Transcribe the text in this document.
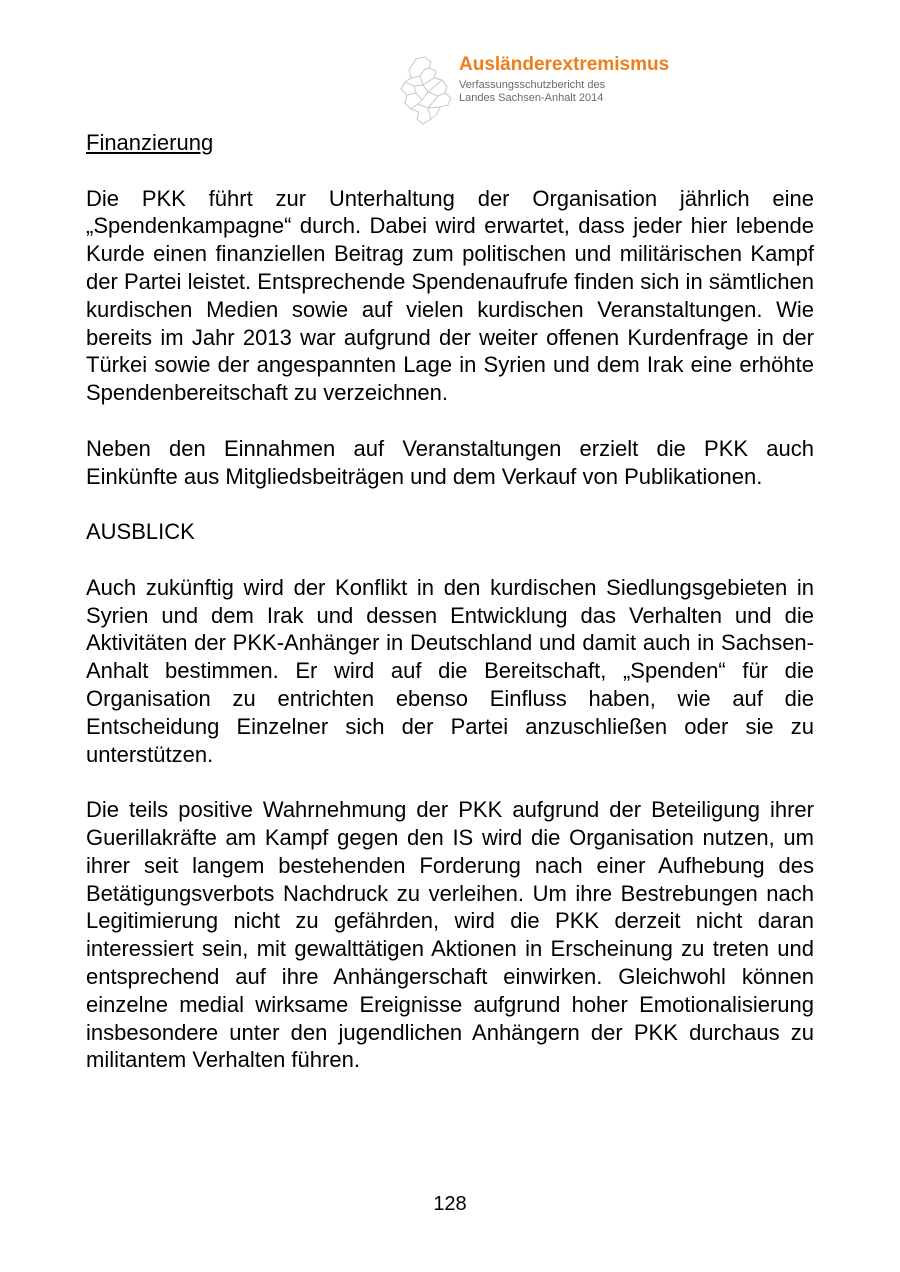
Ausländerextremismus
Verfassungsschutzbericht des
Landes Sachsen-Anhalt 2014

Finanzierung

Die PKK führt zur Unterhaltung der Organisation jährlich eine „Spendenkampagne“ durch. Dabei wird erwartet, dass jeder hier lebende Kurde einen finanziellen Beitrag zum politischen und militärischen Kampf der Partei leistet. Entsprechende Spendenaufrufe finden sich in sämtlichen kurdischen Medien sowie auf vielen kurdischen Veranstaltungen. Wie bereits im Jahr 2013 war aufgrund der weiter offenen Kurdenfrage in der Türkei sowie der angespannten Lage in Syrien und dem Irak eine erhöhte Spendenbereitschaft zu verzeichnen.

Neben den Einnahmen auf Veranstaltungen erzielt die PKK auch Einkünfte aus Mitgliedsbeiträgen und dem Verkauf von Publikationen.

AUSBLICK

Auch zukünftig wird der Konflikt in den kurdischen Siedlungsgebieten in Syrien und dem Irak und dessen Entwicklung das Verhalten und die Aktivitäten der PKK-Anhänger in Deutschland und damit auch in Sachsen-Anhalt bestimmen. Er wird auf die Bereitschaft, „Spenden“ für die Organisation zu entrichten ebenso Einfluss haben, wie auf die Entscheidung Einzelner sich der Partei anzuschließen oder sie zu unterstützen.

Die teils positive Wahrnehmung der PKK aufgrund der Beteiligung ihrer Guerillakräfte am Kampf gegen den IS wird die Organisation nutzen, um ihrer seit langem bestehenden Forderung nach einer Aufhebung des Betätigungsverbots Nachdruck zu verleihen. Um ihre Bestrebungen nach Legitimierung nicht zu gefährden, wird die PKK derzeit nicht daran interessiert sein, mit gewalttätigen Aktionen in Erscheinung zu treten und entsprechend auf ihre Anhängerschaft einwirken. Gleichwohl können einzelne medial wirksame Ereignisse aufgrund hoher Emotionalisierung insbesondere unter den jugendlichen Anhängern der PKK durchaus zu militantem Verhalten führen.

128
